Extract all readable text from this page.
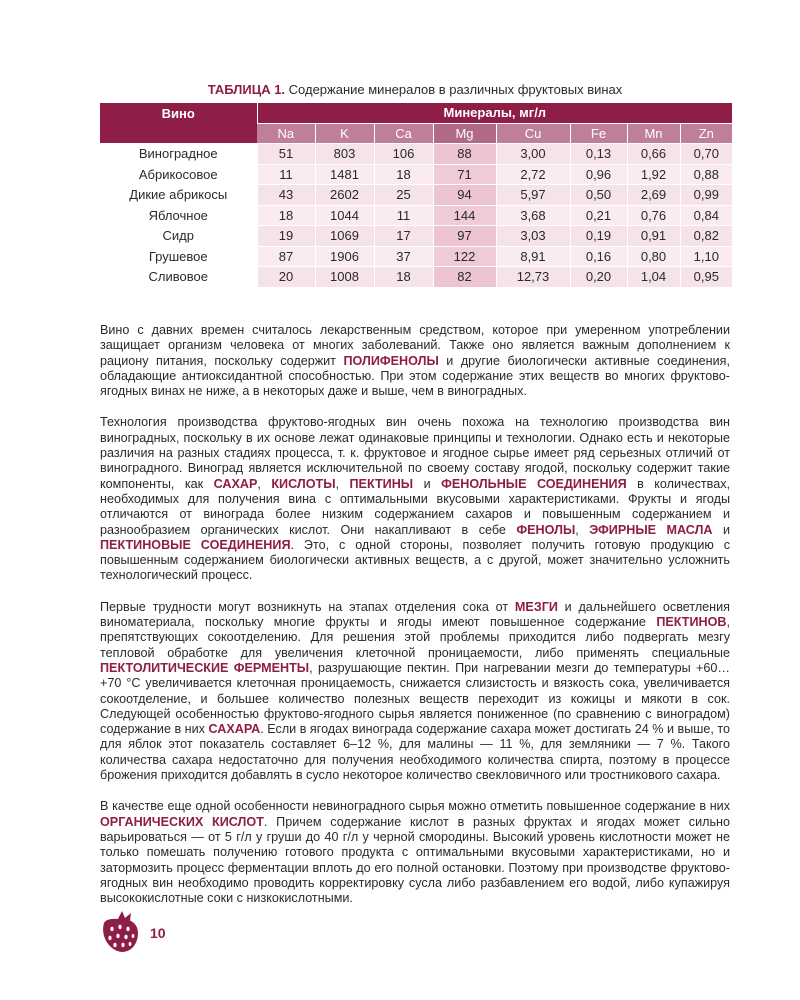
ТАБЛИЦА 1. Содержание минералов в различных фруктовых винах
Вино	Минералы, мг/л							
	Na	K	Ca	Mg	Cu	Fe	Mn	Zn
Виноградное	51	803	106	88	3,00	0,13	0,66	0,70
Абрикосовое	11	1481	18	71	2,72	0,96	1,92	0,88
Дикие абрикосы	43	2602	25	94	5,97	0,50	2,69	0,99
Яблочное	18	1044	11	144	3,68	0,21	0,76	0,84
Сидр	19	1069	17	97	3,03	0,19	0,91	0,82
Грушевое	87	1906	37	122	8,91	0,16	0,80	1,10
Сливовое	20	1008	18	82	12,73	0,20	1,04	0,95

Вино с давних времен считалось лекарственным средством, которое при умеренном употреблении защищает организм человека от многих заболеваний. Также оно является важным дополнением к рациону питания, поскольку содержит ПОЛИФЕНОЛЫ и другие биологически активные соединения, обладающие антиоксидантной способностью. При этом содержание этих веществ во многих фруктово-ягодных винах не ниже, а в некоторых даже и выше, чем в виноградных.

Технология производства фруктово-ягодных вин очень похожа на технологию производства вин виноградных, поскольку в их основе лежат одинаковые принципы и технологии. Однако есть и некоторые различия на разных стадиях процесса, т. к. фруктовое и ягодное сырье имеет ряд серьезных отличий от виноградного. Виноград является исключительной по своему составу ягодой, поскольку содержит такие компоненты, как САХАР, КИСЛОТЫ, ПЕКТИНЫ и ФЕНОЛЬНЫЕ СОЕДИНЕНИЯ в количествах, необходимых для получения вина с оптимальными вкусовыми характеристиками. Фрукты и ягоды отличаются от винограда более низким содержанием сахаров и повышенным содержанием и разнообразием органических кислот. Они накапливают в себе ФЕНОЛЫ, ЭФИРНЫЕ МАСЛА и ПЕКТИНОВЫЕ СОЕДИНЕНИЯ. Это, с одной стороны, позволяет получить готовую продукцию с повышенным содержанием биологически активных веществ, а с другой, может значительно усложнить технологический процесс.

Первые трудности могут возникнуть на этапах отделения сока от МЕЗГИ и дальнейшего осветления виноматериала, поскольку многие фрукты и ягоды имеют повышенное содержание ПЕКТИНОВ, препятствующих сокоотделению. Для решения этой проблемы приходится либо подвергать мезгу тепловой обработке для увеличения клеточной проницаемости, либо применять специальные ПЕКТОЛИТИЧЕСКИЕ ФЕРМЕНТЫ, разрушающие пектин. При нагревании мезги до температуры +60…+70 °С увеличивается клеточная проницаемость, снижается слизистость и вязкость сока, увеличивается сокоотделение, и большее количество полезных веществ переходит из кожицы и мякоти в сок. Следующей особенностью фруктово-ягодного сырья является пониженное (по сравнению с виноградом) содержание в них САХАРА. Если в ягодах винограда содержание сахара может достигать 24 % и выше, то для яблок этот показатель составляет 6–12 %, для малины — 11 %, для земляники — 7 %. Такого количества сахара недостаточно для получения необходимого количества спирта, поэтому в процессе брожения приходится добавлять в сусло некоторое количество свекловичного или тростникового сахара.

В качестве еще одной особенности невиноградного сырья можно отметить повышенное содержание в них ОРГАНИЧЕСКИХ КИСЛОТ. Причем содержание кислот в разных фруктах и ягодах может сильно варьироваться — от 5 г/л у груши до 40 г/л у черной смородины. Высокий уровень кислотности может не только помешать получению готового продукта с оптимальными вкусовыми характеристиками, но и затормозить процесс ферментации вплоть до его полной остановки. Поэтому при производстве фруктово-ягодных вин необходимо проводить корректировку сусла либо разбавлением его водой, либо купажируя высококислотные соки с низкокислотными.

10
